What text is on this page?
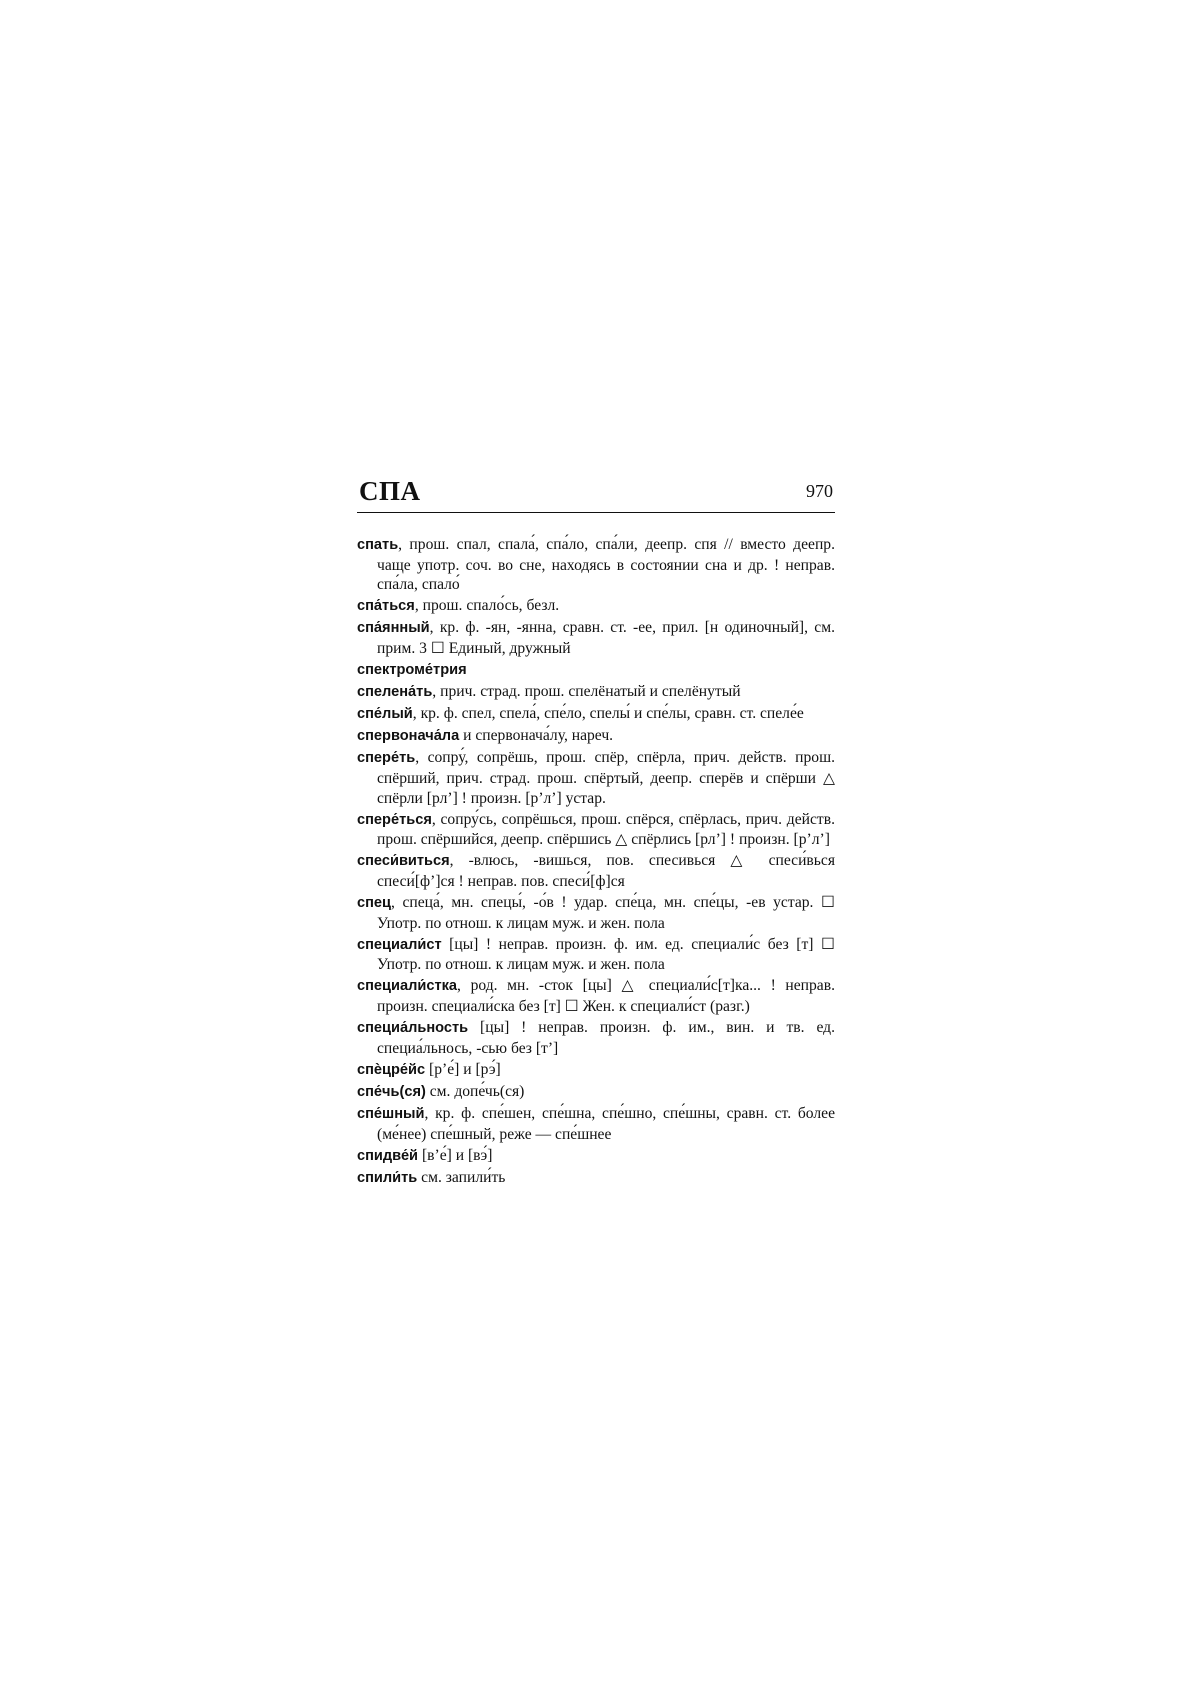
СПА	970

спать, прош. спал, спала́, спа́ло, спа́ли, деепр. спя // вместо деепр. чаще употр. соч. во сне, находясь в состоянии сна и др. ! неправ. спа́ла, спало́

спа́ться, прош. спало́сь, безл.

спа́янный, кр. ф. -ян, -янна, сравн. ст. -ее, прил. [н одиночный], см. прим. 3 ☐ Единый, дружный

спектроме́трия

спелена́ть, прич. страд. прош. спелёнатый и спелёнутый

спе́лый, кр. ф. спел, спела́, спе́ло, спелы́ и спе́лы, сравн. ст. спеле́е

спервонача́ла и спервонача́лу, нареч.

спере́ть, сопру́, сопрёшь, прош. спёр, спёрла, прич. действ. прош. спёрший, прич. страд. прош. спёртый, деепр. сперёв и спёрши △ спёрли [рлʼ] ! произн. [рʼлʼ] устар.

спере́ться, сопру́сь, сопрёшься, прош. спёрся, спёрлась, прич. действ. прош. спёршийся, деепр. спёршись △ спёрлись [рлʼ] ! произн. [рʼлʼ]

спеси́виться, -влюсь, -вишься, пов. спесивься △ спеси́вься спеси́[фʼ]ся ! неправ. пов. спеси́[ф]ся

спец, спеца́, мн. спецы́, -о́в ! удар. спе́ца, мн. спе́цы, -ев устар. ☐ Употр. по отнош. к лицам муж. и жен. пола

специали́ст [цы] ! неправ. произн. ф. им. ед. специали́с без [т] ☐ Употр. по отнош. к лицам муж. и жен. пола

специали́стка, род. мн. -сток [цы] △ специали́с[т]ка... ! неправ. произн. специали́ска без [т] ☐ Жен. к специали́ст (разг.)

специа́льность [цы] ! неправ. произн. ф. им., вин. и тв. ед. специа́льнось, -сью без [тʼ]

спѐцре́йс [рʼе́] и [рэ́]

спе́чь(ся) см. допе́чь(ся)

спе́шный, кр. ф. спе́шен, спе́шна, спе́шно, спе́шны, сравн. ст. более (ме́нее) спе́шный, реже — спе́шнее

спидве́й [вʼе́] и [вэ́]

спили́ть см. запили́ть
